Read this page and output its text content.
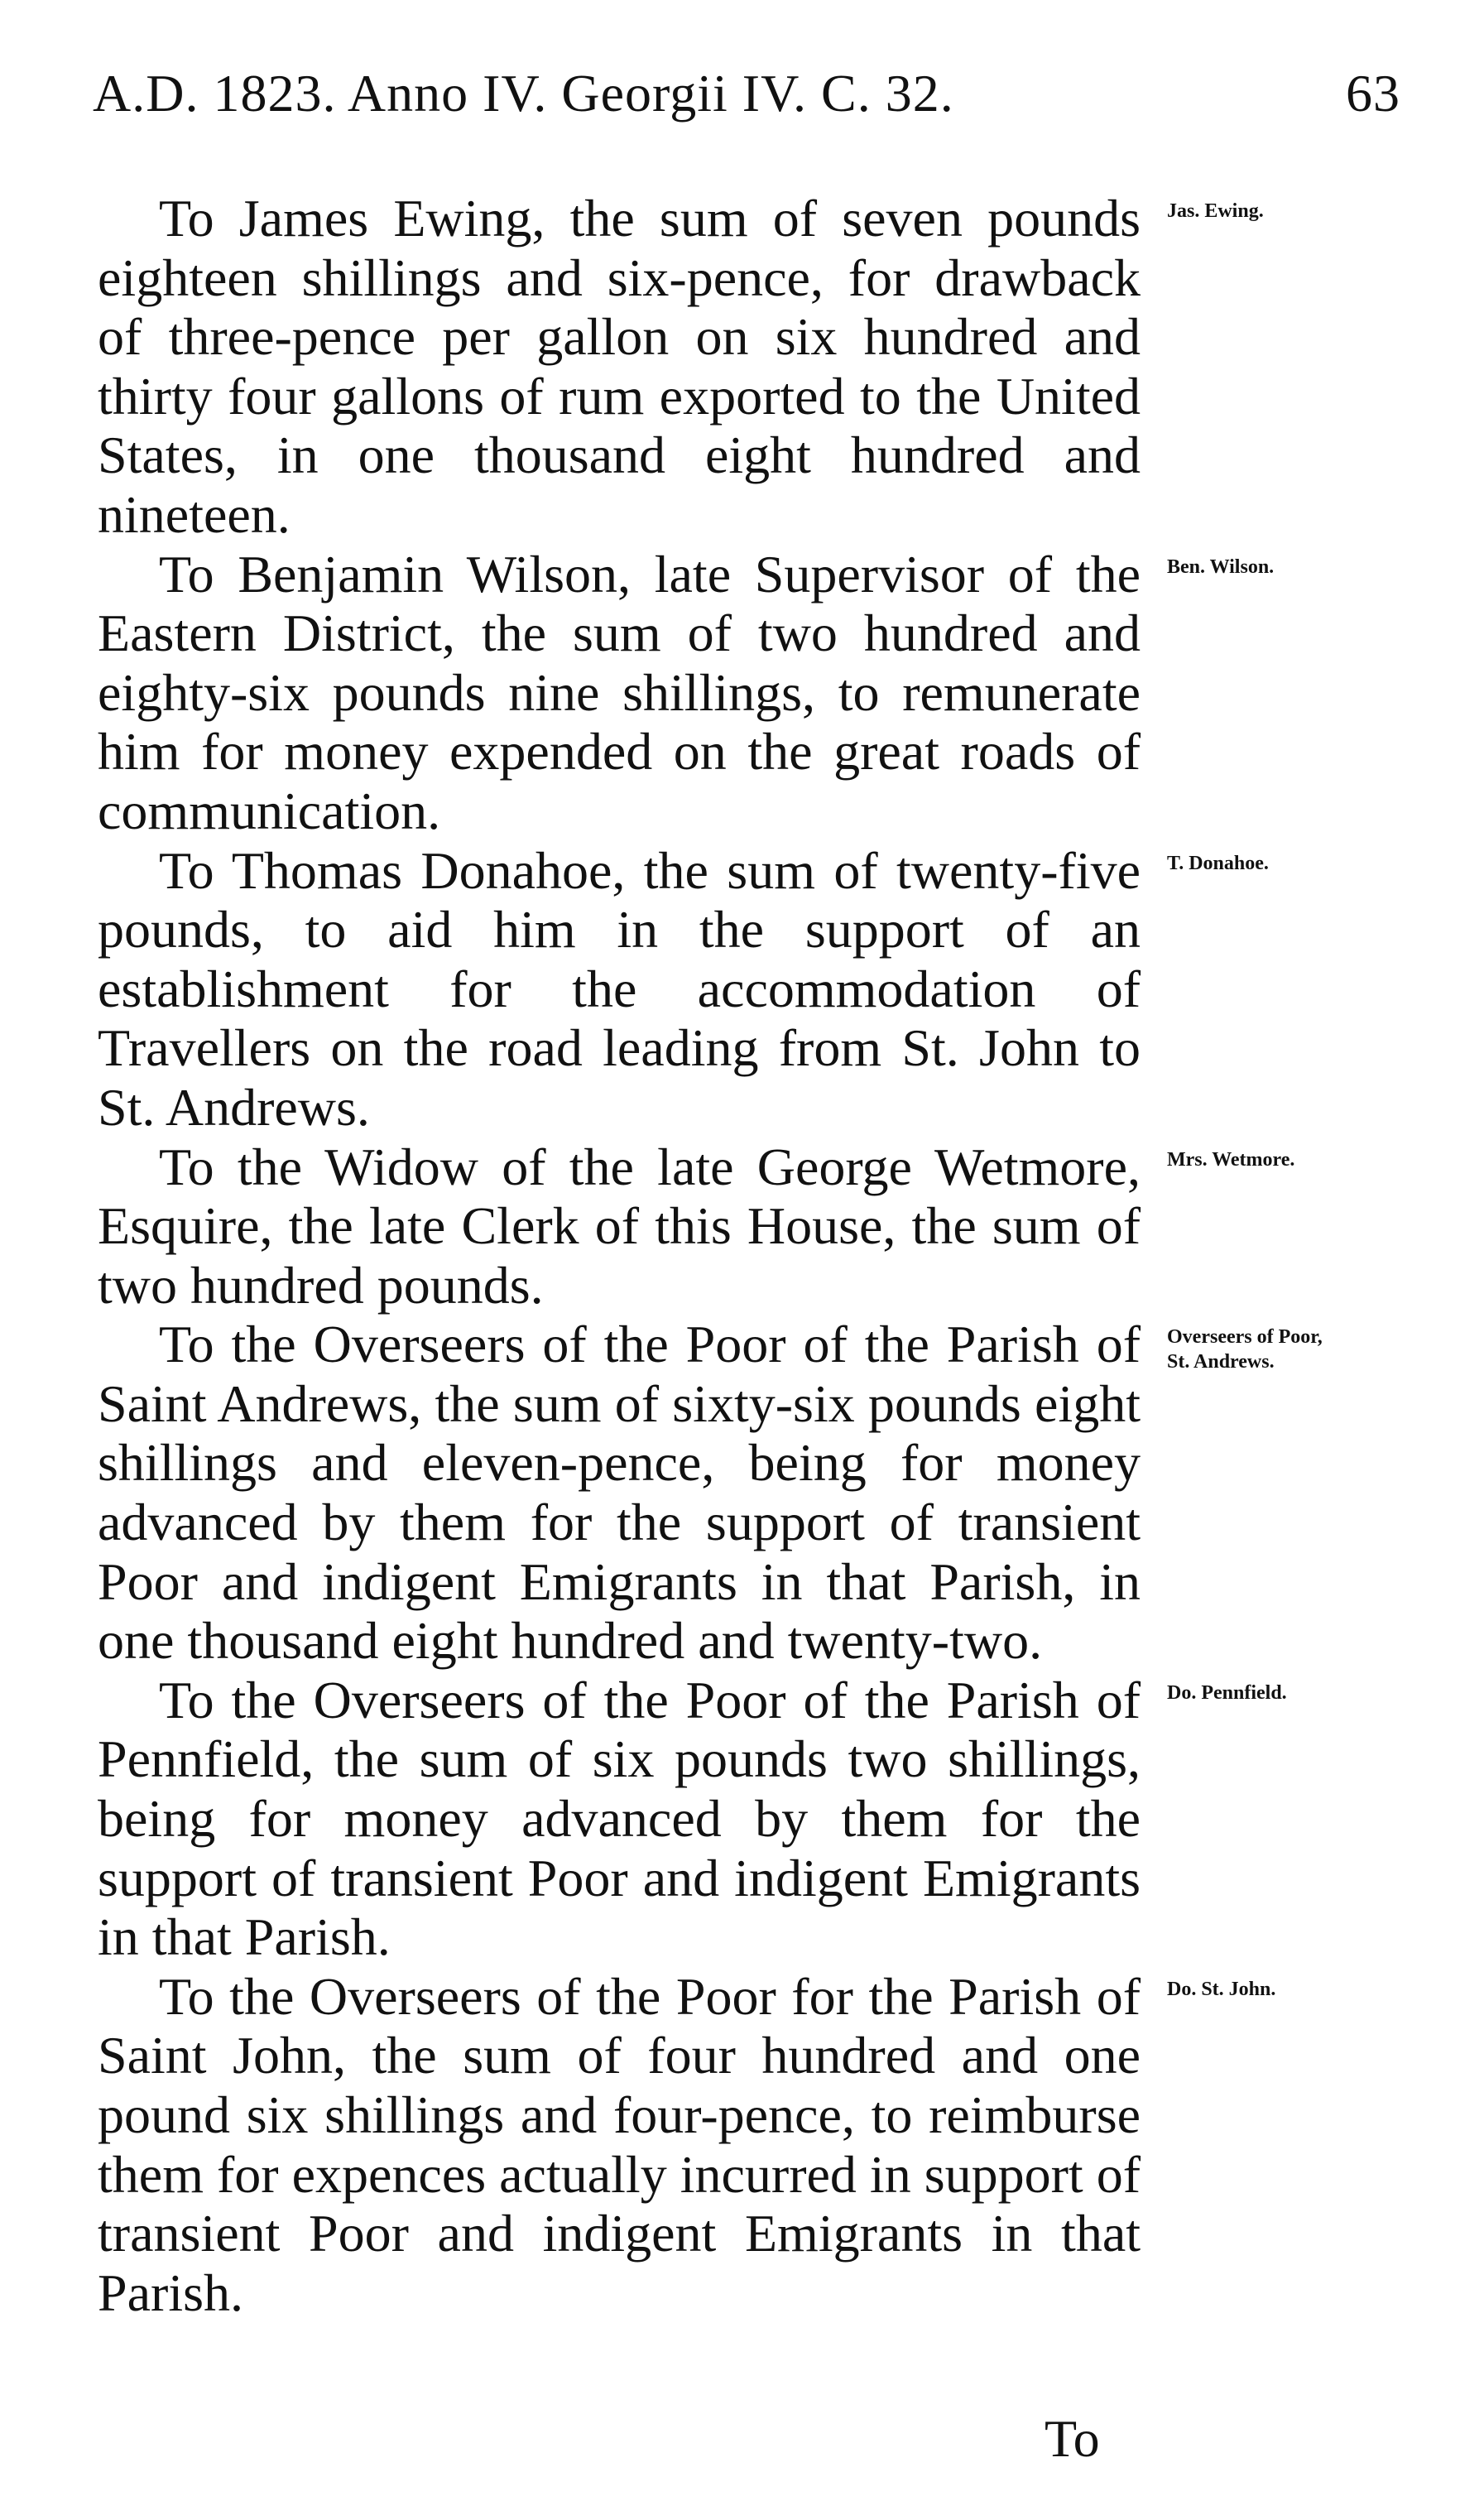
A.D. 1823. Anno IV. Georgii IV. C. 32.	63

To James Ewing, the sum of seven pounds eighteen shillings and six-pence, for drawback of three-pence per gallon on six hundred and thirty four gallons of rum exported to the United States, in one thousand eight hundred and nineteen.
Jas. Ewing.

To Benjamin Wilson, late Supervisor of the Eastern District, the sum of two hundred and eighty-six pounds nine shillings, to remunerate him for money expended on the great roads of communication.
Ben. Wilson.

To Thomas Donahoe, the sum of twenty-five pounds, to aid him in the support of an establishment for the accommodation of Travellers on the road leading from St. John to St. Andrews.
T. Donahoe.

To the Widow of the late George Wetmore, Esquire, the late Clerk of this House, the sum of two hundred pounds.
Mrs. Wetmore.

To the Overseers of the Poor of the Parish of Saint Andrews, the sum of sixty-six pounds eight shillings and eleven-pence, being for money advanced by them for the support of transient Poor and indigent Emigrants in that Parish, in one thousand eight hundred and twenty-two.
Overseers of Poor,
St. Andrews.

To the Overseers of the Poor of the Parish of Pennfield, the sum of six pounds two shillings, being for money advanced by them for the support of transient Poor and indigent Emigrants in that Parish.
Do. Pennfield.

To the Overseers of the Poor for the Parish of Saint John, the sum of four hundred and one pound six shillings and four-pence, to reimburse them for expences actually incurred in support of transient Poor and indigent Emigrants in that Parish.
Do. St. John.

To
